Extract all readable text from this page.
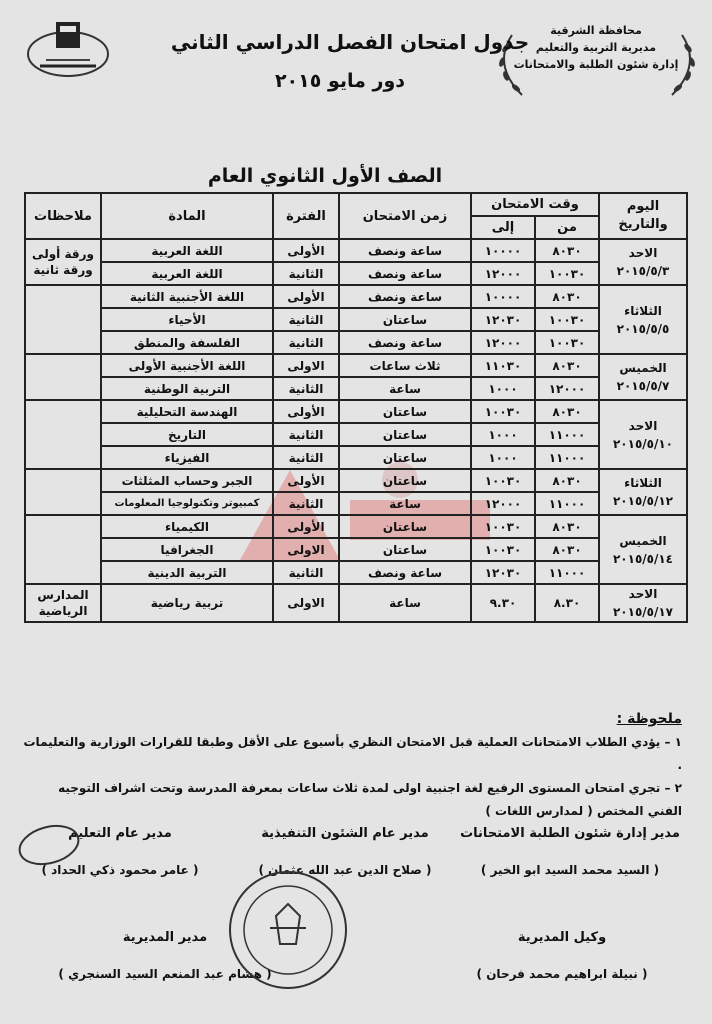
محافظة الشرقية
مديرية التربية والتعليم
إدارة شئون الطلبة والامتحانات
جدول امتحان الفصل الدراسي الثاني
دور مايو ٢٠١٥
الصف الأول الثانوي العام
اليوم والتاريخ	وقت الامتحان		زمن الامتحان	الفترة	المادة	ملاحظات
	من	إلى				

الاحد
٢٠١٥/٥/٣	٨٠٣٠	١٠٠٠٠	ساعة ونصف	الأولى	اللغة العربية	ورقة أولى ورقة ثانية
	١٠٠٣٠	١٢٠٠٠	ساعة ونصف	الثانية	اللغة العربية	

الثلاثاء
٢٠١٥/٥/٥	٨٠٣٠	١٠٠٠٠	ساعة ونصف	الأولى	اللغة الأجنبية الثانية	
	١٠٠٣٠	١٢٠٣٠	ساعتان	الثانية	الأحياء	
	١٠٠٣٠	١٢٠٠٠	ساعة ونصف	الثانية	الفلسفة والمنطق	

الخميس
٢٠١٥/٥/٧	٨٠٣٠	١١٠٣٠	ثلاث ساعات	الاولى	اللغة الأجنبية الأولى	
	١٢٠٠٠	١٠٠٠	ساعة	الثانية	التربية الوطنية	

الاحد
٢٠١٥/٥/١٠	٨٠٣٠	١٠٠٣٠	ساعتان	الأولى	الهندسة التحليلية	
	١١٠٠٠	١٠٠٠	ساعتان	الثانية	التاريخ	
	١١٠٠٠	١٠٠٠	ساعتان	الثانية	الفيزياء	

الثلاثاء
٢٠١٥/٥/١٢	٨٠٣٠	١٠٠٣٠	ساعتان	الأولى	الجبر وحساب المثلثات	
	١١٠٠٠	١٢٠٠٠	ساعة	الثانية	كمبيوتر وتكنولوجيا المعلومات	

الخميس
٢٠١٥/٥/١٤	٨٠٣٠	١٠٠٣٠	ساعتان	الأولى	الكيمياء	
	٨٠٣٠	١٠٠٣٠	ساعتان	الاولى	الجغرافيا	
	١١٠٠٠	١٢٠٣٠	ساعة ونصف	الثانية	التربية الدينية	

الاحد
٢٠١٥/٥/١٧	٨.٣٠	٩.٣٠	ساعة	الاولى	تربية رياضية	المدارس الرياضية
ملحوظة :
١ – يؤدي الطلاب الامتحانات العملية قبل الامتحان النظري بأسبوع على الأقل وطبقا للقرارات الوزارية والتعليمات .
٢ – تجري امتحان المستوى الرفيع لغة اجنبية اولى لمدة ثلاث ساعات بمعرفة المدرسة وتحت اشراف التوجيه الفني المختص ( لمدارس اللغات )
مدير إدارة شئون الطلبة الامتحانات
( السيد محمد السيد ابو الخير )
مدير عام الشئون التنفيذية
( صلاح الدين عبد الله عثمان )
مدير عام التعليم
( عامر محمود ذكي الحداد )
وكيل المديرية
( نبيلة ابراهيم محمد فرحان )
مدير المديرية
( هشام عبد المنعم السيد السنجري )
